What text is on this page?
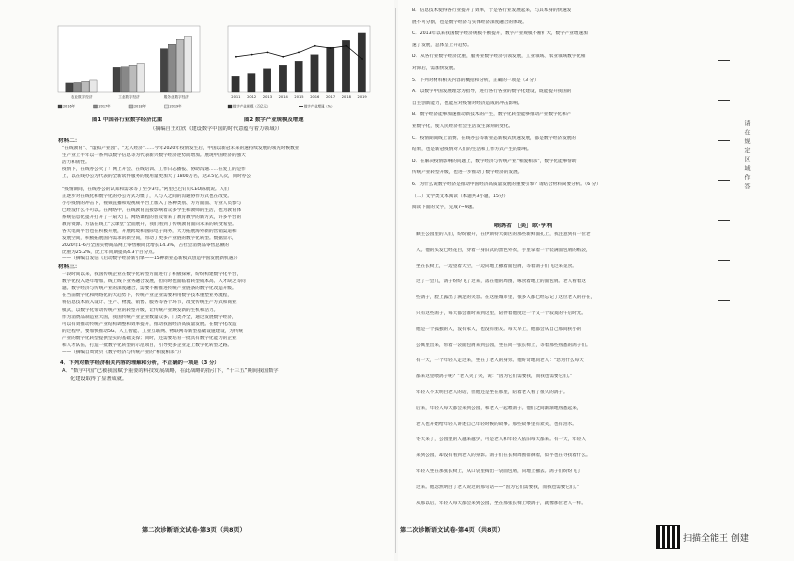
农业数字经济	工业数字经济	服务业数字经济
2016年	2017年	2018年	2019年
2011 2012 2013 2014 2015 2016 2017 2018 2019
数字产业规模（万亿元）	数字产业增速（%）
图1 中国各行业数字经济比重	图2 数字产业规模及增速
（摘编自王红欣《建设数字中国的时代意蕴与着力领域》）
材料二：
材料三：
4．下列对数字经济相关内容的理解和分析，不正确的一项是（3 分）
A．“数字中国”已被我国赋予重要的科技发展战略，在此战略的指引下，“十三五”期间我国数字
化建设取得了显著成就。
第二次诊断语文试卷·第3页（共8页）
“在线教育”、“虚拟产业园”、“无人经济”……今年2020年疫情发生后，中国以新冠未来的速持续发展的领先时候数业
生产业上半年以一系列以数字信息等为代表新兴数字经济逆势而增加。展现中国经济的强大
活力和韧性。
疫情下，在线办公火了！网上开会、在线培训、工作日志播报、协助沟通……在复工的是作
上，以在线办公为代表的全新软件服务的使用量更加大了1800万名，达3.5亿人次，同时办公
“疫情期间，在线办公的认知和需求等了至少3年。”阿里巴巴钉钉CEO陈航说。人们
正逐步对在线化和数字化的办公方式习惯了，人与人之间的沟通协作方式也在改变。
小小疫情的冲击下，视频直播和短视频平台上加入了各种类别、方方面面、专业人员参与
已经没什么不可以。在网络中，在线教育直接影响着众多学生和教师的生活，也为教育体
系统信息化提升打开了一扇大门。网络课程的普及带来了教育教学的新方式，许多平台的
教育资源、方法在线上“云课堂”全面展开，我们看到了传统教育面向未来的转变希望。
各大电商平台也在积极开展，开展跨境和国际电子商务，大力拓展海外新的营销渠道和
发展空间，积极拓展国内需求的新空间，带动了更多产业链的数字化转型。数据显示，
2020年1-6月全国实物商品网上零售额同比增长14.3%，占社会消费品零售总额的
比重为25.2%，比上年同期提高4.3个百分点。
——（摘编自发信《启动数字经济新引擎——15种新业态新模式创造中国发展新机遇》）
一段时间以来，我国传统企业在数字化转型方面进行了积极探索，纷纷构建数字化平台，
数字化投入逐年增加，线上线下业务融合发展，但同时也面临着转型成本高、人才缺乏等问
题。数字经济与传统产业的深度融合，需要不断推进传统产业链条的数字化改造升级。
在当前数字化和网络化的大趋势下，传统产业企业需要利用数字技术重塑业务流程，
将信息技术嵌入设计、生产、物流、销售、服务等各个环节，改变传统生产方式和商业
模式，以数字化带动传统产业的转型升级，让传统产业焕发新的生机和活力。
作为消费品制造业大国，我国传统产业企业数量众多、门类齐全，通过发展数字经济，
可以有效推动传统产业结构调整和效率提升，推动我国经济高质量发展。在数字化改造
的过程中，要加快推动5G、人工智能、工业互联网、物联网等新型基础设施建设，为传统
产业的数字化转型提供坚实的基础支撑；同时，还需要培育一批具有数字化能力的企业
和人才队伍，打造一批数字化转型的示范项目，引导更多企业走上数字化转型之路。
——（摘编自周贤贝《数字经济与传统产业的“相爱相杀”》）
喂鸽者 ［美］欧·亨利
第二次诊断语文试卷·第4页（共8页）
B．信息技术使得各行业提升了效率，于是各行业发展起来，与其本身的快速发
展不可分割，也是数字经济与实体经济深度融合的体现。
C．2013年以来我国数字经济规模不断提升，数字产业规模不断扩大，数字产业增速加
速了发展，总体呈上升趋势。
D．从各行业数字经济比重，服务业数字经济引领发展，工业领域、农业领域数字化相
对滞后，需加快发展。
5．下列对材料相关内容的概括和分析，正确的一项是（3 分）
A．以数字中国发展理念为指导，进行各行各业的数字化建设，既能提升我国的
自主创新能力，也能应对疫情对经济造成的冲击影响。
B．数字经济能够加速推动新技术的产生，数字化转型能够推动产业数字化和产
业数字化，使人民经济社会生活发生深刻的变化。
C．疫情期间线上消费、在线办公等新业态新模式快速发展，都是数字经济发展的
结果，也是新冠疫情对人们的生活和工作方式产生的影响。
D．在解决疫情影响的问题上，数字经济与传统产业“相爱相杀”，数字化能够帮助
传统产业转型升级，也进一步推动了数字经济的发展。
6．为什么说数字经济是推动中国经济高质量发展的重要引擎？请结合材料简要分析。（6 分）
（二）文学类文本阅读（本题共3小题，15分）
阅读下面的文字，完成7~9题。
顺主公园里的人们，纷纷散开，在伊斯特大街区的那些新鲜面孔上，我注意到有一位老
人。他的头发已经花白，穿着一身旧式的黑色外衣，手里拿着一个装满面包屑的纸袋，
坐在长椅上，一边望着天空，一边向地上撒着面包屑，等着鸽子们飞过来觅食。
过了一会儿，鸽子纷纷飞了过来，落在他的周围，啄食着地上的面包屑。老人看着这
些鸽子，脸上露出了满足的笑容。在这座城市里，很多人都已经忘记了这位老人的存在，
只有这些鸽子，每天都会准时来到这里，陪伴着他度过一个又一个寂寞的午后时光。
他是一个孤独的人，没有家人，也没有朋友。每天早上，他都会从自己那间狭小的
公寓里出来，带着一袋面包屑来到公园，坐在同一张长椅上，等着那些熟悉的鸽子们。
有一天，一个年轻人走过来，坐在了老人的身旁。他好奇地问老人：“您为什么每天
都来这里喂鸽子呢？”老人笑了笑，说：“因为它们需要我，而我也需要它们。”
年轻人不太明白老人的话，但他还是坐在那里，陪着老人看了很久的鸽子。
后来，年轻人每天都会来到公园，和老人一起喂鸽子。他们之间渐渐地熟悉起来，
老人也开始给年轻人讲述自己年轻时候的故事。那些故事里有欢笑，也有泪水。
冬天来了，公园里的人越来越少，可是老人和年轻人依旧每天都来。有一天，年轻人
来到公园，却没有看到老人的身影。鸽子们在长椅周围徘徊着，似乎也在寻找着什么。
年轻人坐在那张长椅上，从口袋里掏出一袋面包屑，向地上撒去。鸽子们纷纷飞了
过来。他忽然明白了老人说过的那句话——“因为它们需要我，而我也需要它们。”
从那以后，年轻人每天都会来到公园，坐在那张长椅上喂鸽子，就像那位老人一样。
请在规定区域作答
扫描全能王 创建
